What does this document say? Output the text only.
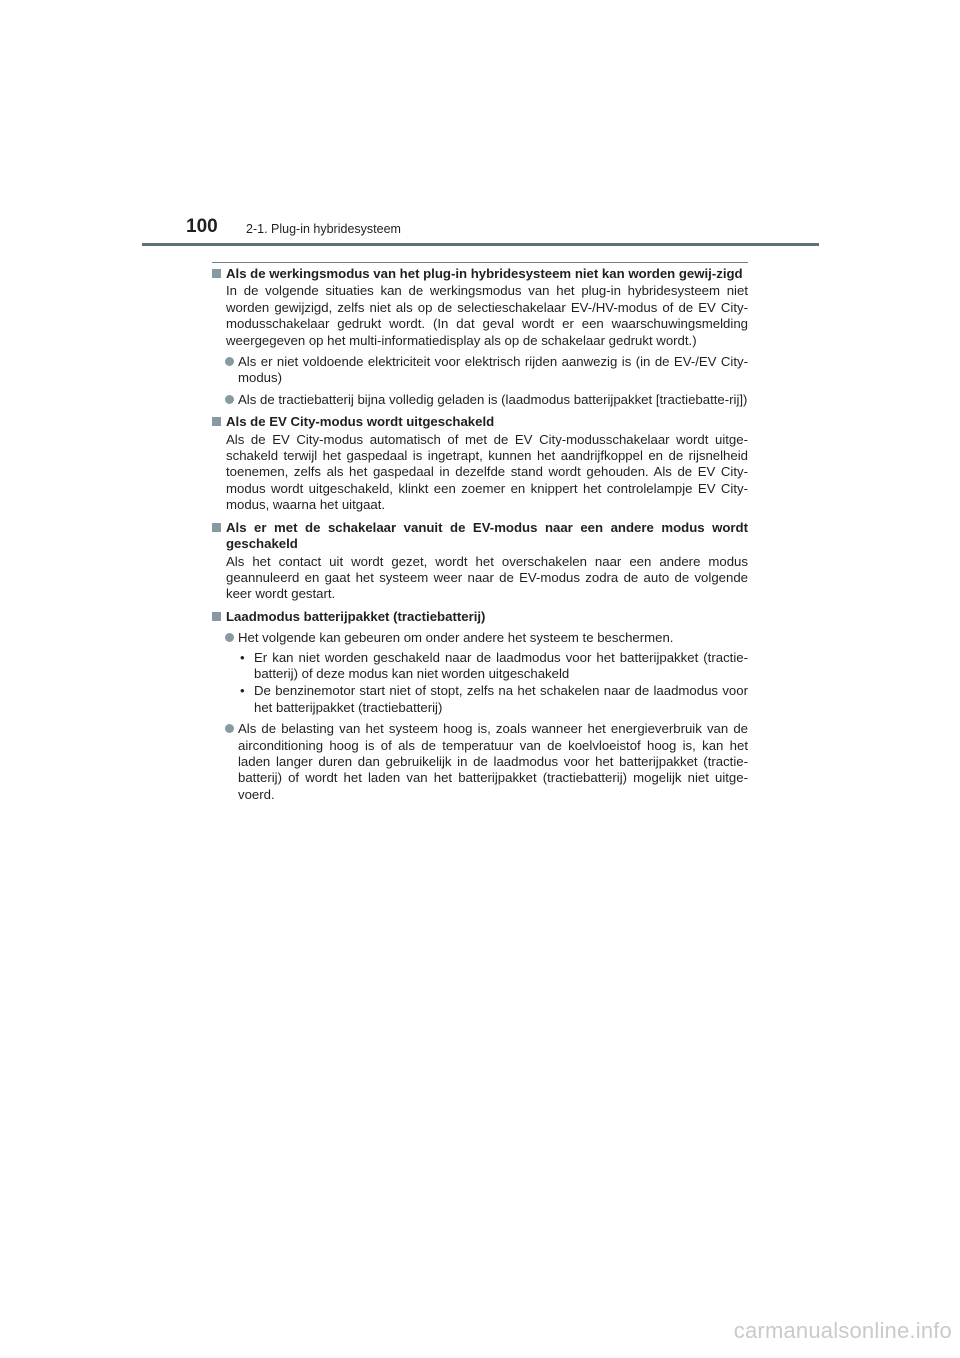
100 2-1. Plug-in hybridesysteem
Als de werkingsmodus van het plug-in hybridesysteem niet kan worden gewij-zigd
In de volgende situaties kan de werkingsmodus van het plug-in hybridesysteem niet worden gewijzigd, zelfs niet als op de selectieschakelaar EV-/HV-modus of de EV City-modusschakelaar gedrukt wordt. (In dat geval wordt er een waarschuwingsmelding weergegeven op het multi-informatiedisplay als op de schakelaar gedrukt wordt.)
Als er niet voldoende elektriciteit voor elektrisch rijden aanwezig is (in de EV-/EV City-modus)
Als de tractiebatterij bijna volledig geladen is (laadmodus batterijpakket [tractiebatte-rij])
Als de EV City-modus wordt uitgeschakeld
Als de EV City-modus automatisch of met de EV City-modusschakelaar wordt uitge-schakeld terwijl het gaspedaal is ingetrapt, kunnen het aandrijfkoppel en de rijsnelheid toenemen, zelfs als het gaspedaal in dezelfde stand wordt gehouden. Als de EV City-modus wordt uitgeschakeld, klinkt een zoemer en knippert het controlelampje EV City-modus, waarna het uitgaat.
Als er met de schakelaar vanuit de EV-modus naar een andere modus wordt geschakeld
Als het contact uit wordt gezet, wordt het overschakelen naar een andere modus geannuleerd en gaat het systeem weer naar de EV-modus zodra de auto de volgende keer wordt gestart.
Laadmodus batterijpakket (tractiebatterij)
Het volgende kan gebeuren om onder andere het systeem te beschermen.
• Er kan niet worden geschakeld naar de laadmodus voor het batterijpakket (tractie-batterij) of deze modus kan niet worden uitgeschakeld
• De benzinemotor start niet of stopt, zelfs na het schakelen naar de laadmodus voor het batterijpakket (tractiebatterij)
Als de belasting van het systeem hoog is, zoals wanneer het energieverbruik van de airconditioning hoog is of als de temperatuur van de koelvloeistof hoog is, kan het laden langer duren dan gebruikelijk in de laadmodus voor het batterijpakket (tractie-batterij) of wordt het laden van het batterijpakket (tractiebatterij) mogelijk niet uitge-voerd.
carmanualsonline.info
